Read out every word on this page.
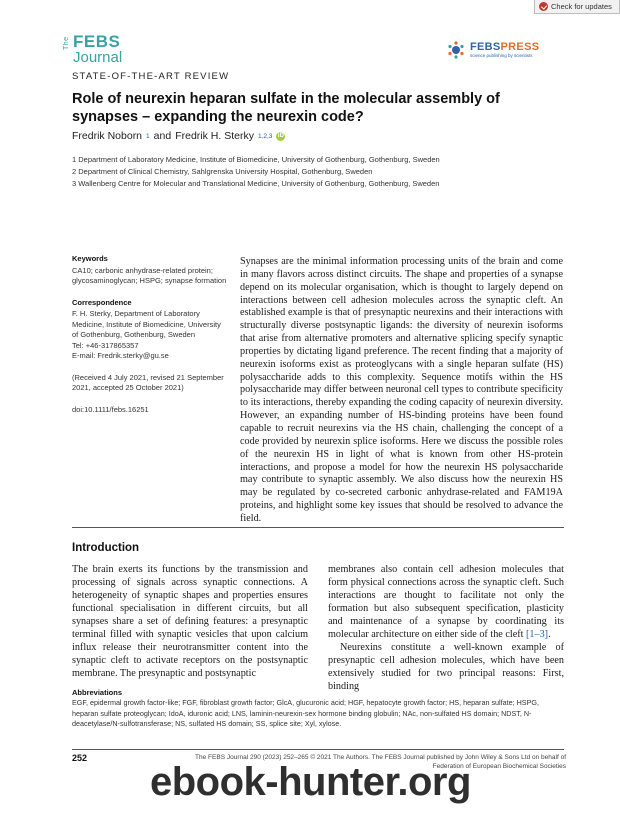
Check for updates
The FEBS
Journal
FEBSPRESS
science publishing by scientists
STATE-OF-THE-ART REVIEW
Role of neurexin heparan sulfate in the molecular assembly of synapses – expanding the neurexin code?
Fredrik Noborn 1 and Fredrik H. Sterky 1,2,3 iD
1 Department of Laboratory Medicine, Institute of Biomedicine, University of Gothenburg, Gothenburg, Sweden
2 Department of Clinical Chemistry, Sahlgrenska University Hospital, Gothenburg, Sweden
3 Wallenberg Centre for Molecular and Translational Medicine, University of Gothenburg, Gothenburg, Sweden
Keywords
CA10; carbonic anhydrase-related protein; glycosaminoglycan; HSPG; synapse formation
Correspondence
F. H. Sterky, Department of Laboratory Medicine, Institute of Biomedicine, University of Gothenburg, Gothenburg, Sweden
Tel: +46-317865357
E-mail: Fredrik.sterky@gu.se
(Received 4 July 2021, revised 21 September 2021, accepted 25 October 2021)
doi:10.1111/febs.16251

Synapses are the minimal information processing units of the brain and come in many flavors across distinct circuits. The shape and properties of a synapse depend on its molecular organisation, which is thought to largely depend on interactions between cell adhesion molecules across the synaptic cleft. An established example is that of presynaptic neurexins and their interactions with structurally diverse postsynaptic ligands: the diversity of neurexin isoforms that arise from alternative promoters and alternative splicing specify synaptic properties by dictating ligand preference. The recent finding that a majority of neurexin isoforms exist as proteoglycans with a single heparan sulfate (HS) polysaccharide adds to this complexity. Sequence motifs within the HS polysaccharide may differ between neuronal cell types to contribute specificity to its interactions, thereby expanding the coding capacity of neurexin diversity. However, an expanding number of HS-binding proteins have been found capable to recruit neurexins via the HS chain, challenging the concept of a code provided by neurexin splice isoforms. Here we discuss the possible roles of the neurexin HS in light of what is known from other HS-protein interactions, and propose a model for how the neurexin HS polysaccharide may contribute to synaptic assembly. We also discuss how the neurexin HS may be regulated by co-secreted carbonic anhydrase-related and FAM19A proteins, and highlight some key issues that should be resolved to advance the field.

Introduction

The brain exerts its functions by the transmission and processing of signals across synaptic connections. A heterogeneity of synaptic shapes and properties ensures functional specialisation in different circuits, but all synapses share a set of defining features: a presynaptic terminal filled with synaptic vesicles that upon calcium influx release their neurotransmitter content into the synaptic cleft to activate receptors on the postsynaptic membrane. The presynaptic and postsynaptic

membranes also contain cell adhesion molecules that form physical connections across the synaptic cleft. Such interactions are thought to facilitate not only the formation but also subsequent specification, plasticity and maintenance of a synapse by coordinating its molecular architecture on either side of the cleft [1–3].

Neurexins constitute a well-known example of presynaptic cell adhesion molecules, which have been extensively studied for two principal reasons: First, binding

Abbreviations
EGF, epidermal growth factor-like; FGF, fibroblast growth factor; GlcA, glucuronic acid; HGF, hepatocyte growth factor; HS, heparan sulfate; HSPG, heparan sulfate proteoglycan; IdoA, iduronic acid; LNS, laminin-neurexin-sex hormone binding globulin; NAc, non-sulfated HS domain; NDST, N-deacetylase/N-sulfotransferase; NS, sulfated HS domain; SS, splice site; Xyl, xylose.
252	The FEBS Journal 290 (2023) 252–265 © 2021 The Authors. The FEBS Journal published by John Wiley & Sons Ltd on behalf of Federation of European Biochemical Societies
ebook-hunter.org
